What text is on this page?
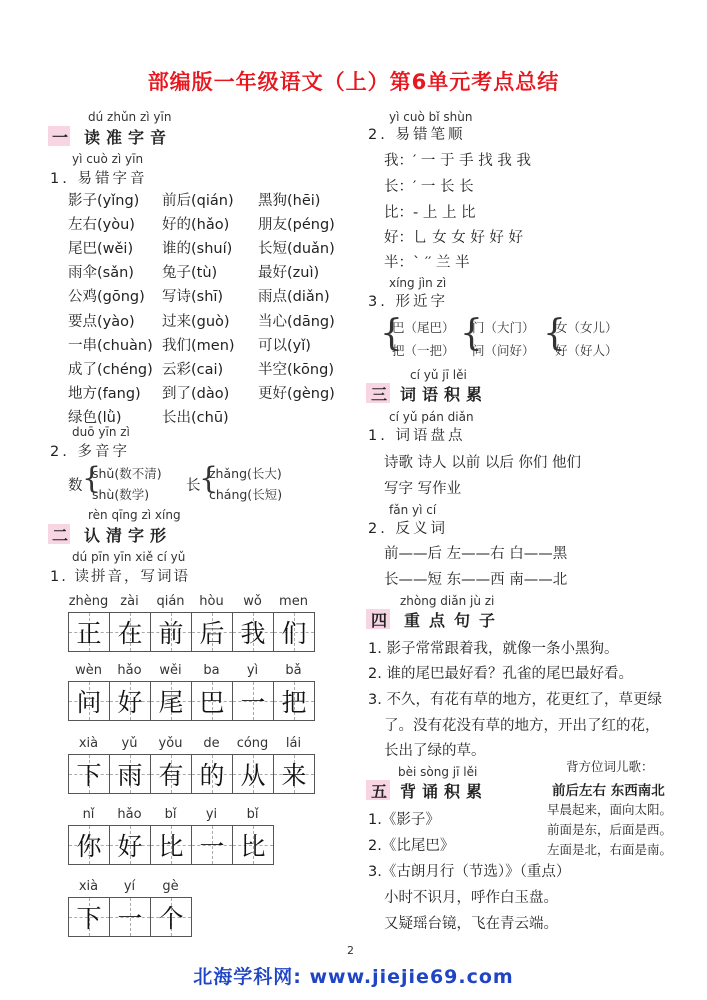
部编版一年级语文（上）第6单元考点总结
dú zhǔn zì yīn
一 读准字音
yì cuò zì yīn
1. 易错字音
影子(yǐng) 前后(qián) 黑狗(hēi)
左右(yòu) 好的(hǎo) 朋友(péng)
尾巴(wěi) 谁的(shuí) 长短(duǎn)
雨伞(sǎn) 兔子(tù)	最好(zuì)
公鸡(gōng) 写诗(shī) 雨点(diǎn)
要点(yào) 过来(guò) 当心(dāng)
一串(chuàn) 我们(men) 可以(yǐ)
成了(chéng) 云彩(cai) 半空(kōng)
地方(fang) 到了(dào) 更好(gèng)
绿色(lǜ)	长出(chū)
duō yīn zì
2. 多音字
数 {
shǔ(数不清)
shù(数学)
长
{
zhǎng(长大)
cháng(长短)
rèn qīng zì xíng
二 认清字形
dú pīn yīn xiě cí yǔ
1. 读拼音，写词语
zhèng
正
zài
在
qián
前
hòu
后
wǒ
我
men
们
wèn
问
hǎo
好
wěi
尾
ba
巴
yì
一
bǎ
把
xià
下
yǔ
雨
yǒu
有
de
的
cóng
从
lái
来
nǐ
你
hǎo
好
bǐ
比
yi
一
bǐ
比
xià
下
yí
一
gè
个
yì cuò bǐ shùn
2. 易错笔顺
我：′ 一 于 手 找 我 我
长：′ 一 长 长
比：- 上 上 比
好：乚 女 女 好 好 好
半：` ′′ 兰 半
xíng jìn zì
3. 形近字
{
巴（尾巴）
把（一把） {
门（大门）
问（问好） {
女（女儿）
好（好人）
cí yǔ jī lěi
三 词语积累
cí yǔ pán diǎn
1. 词语盘点
诗歌 诗人 以前 以后 你们 他们
写字 写作业
fǎn yì cí
2. 反义词
前——后 左——右 白——黑
长——短 东——西 南——北
zhòng diǎn jù zi
四 重点句子
1. 影子常常跟着我，就像一条小黑狗。
2. 谁的尾巴最好看？孔雀的尾巴最好看。
3. 不久，有花有草的地方，花更红了，草更绿
了。没有花没有草的地方，开出了红的花，
长出了绿的草。
bèi sòng jī lěi
五 背诵积累
1.《影子》
2.《比尾巴》
3.《古朗月行（节选）》（重点）
小时不识月，呼作白玉盘。
又疑瑶台镜，飞在青云端。
背方位词儿歌：
前后左右 东西南北
早晨起来，面向太阳。
前面是东，后面是西。
左面是北，右面是南。
2
北海学科网: www.jiejie69.com
